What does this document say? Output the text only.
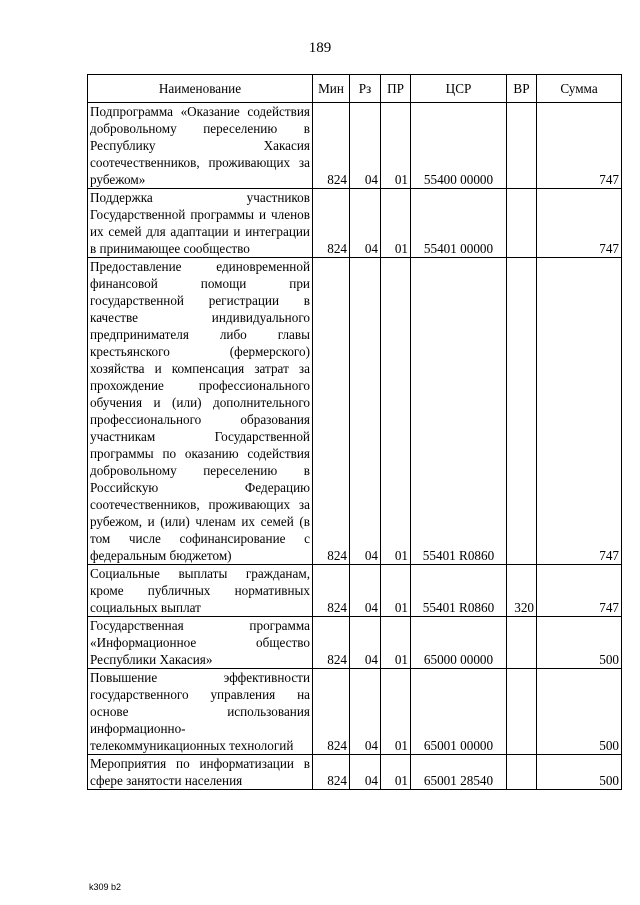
189
Наименование	Мин	Рз	ПР	ЦСР	ВР	Сумма
Подпрограмма «Оказание содействия добровольному переселению в Республику Хакасия соотечественников, проживающих за рубежом»	824	04	01	55400 00000		747
Поддержка участников Государственной программы и членов их семей для адаптации и интеграции в принимающее сообщество	824	04	01	55401 00000		747
Предоставление единовременной финансовой помощи при государственной регистрации в качестве индивидуального предпринимателя либо главы крестьянского (фермерского) хозяйства и компенсация затрат за прохождение профессионального обучения и (или) дополнительного профессионального образования участникам Государственной программы по оказанию содействия добровольному переселению в Российскую Федерацию соотечественников, проживающих за рубежом, и (или) членам их семей (в том числе софинансирование с федеральным бюджетом)	824	04	01	55401 R0860		747
Социальные выплаты гражданам, кроме публичных нормативных социальных выплат	824	04	01	55401 R0860	320	747
Государственная программа «Информационное общество Республики Хакасия»	824	04	01	65000 00000		500
Повышение эффективности государственного управления на основе использования информационно-телекоммуникационных технологий	824	04	01	65001 00000		500
Мероприятия по информатизации в сфере занятости населения	824	04	01	65001 28540		500
k309 b2
